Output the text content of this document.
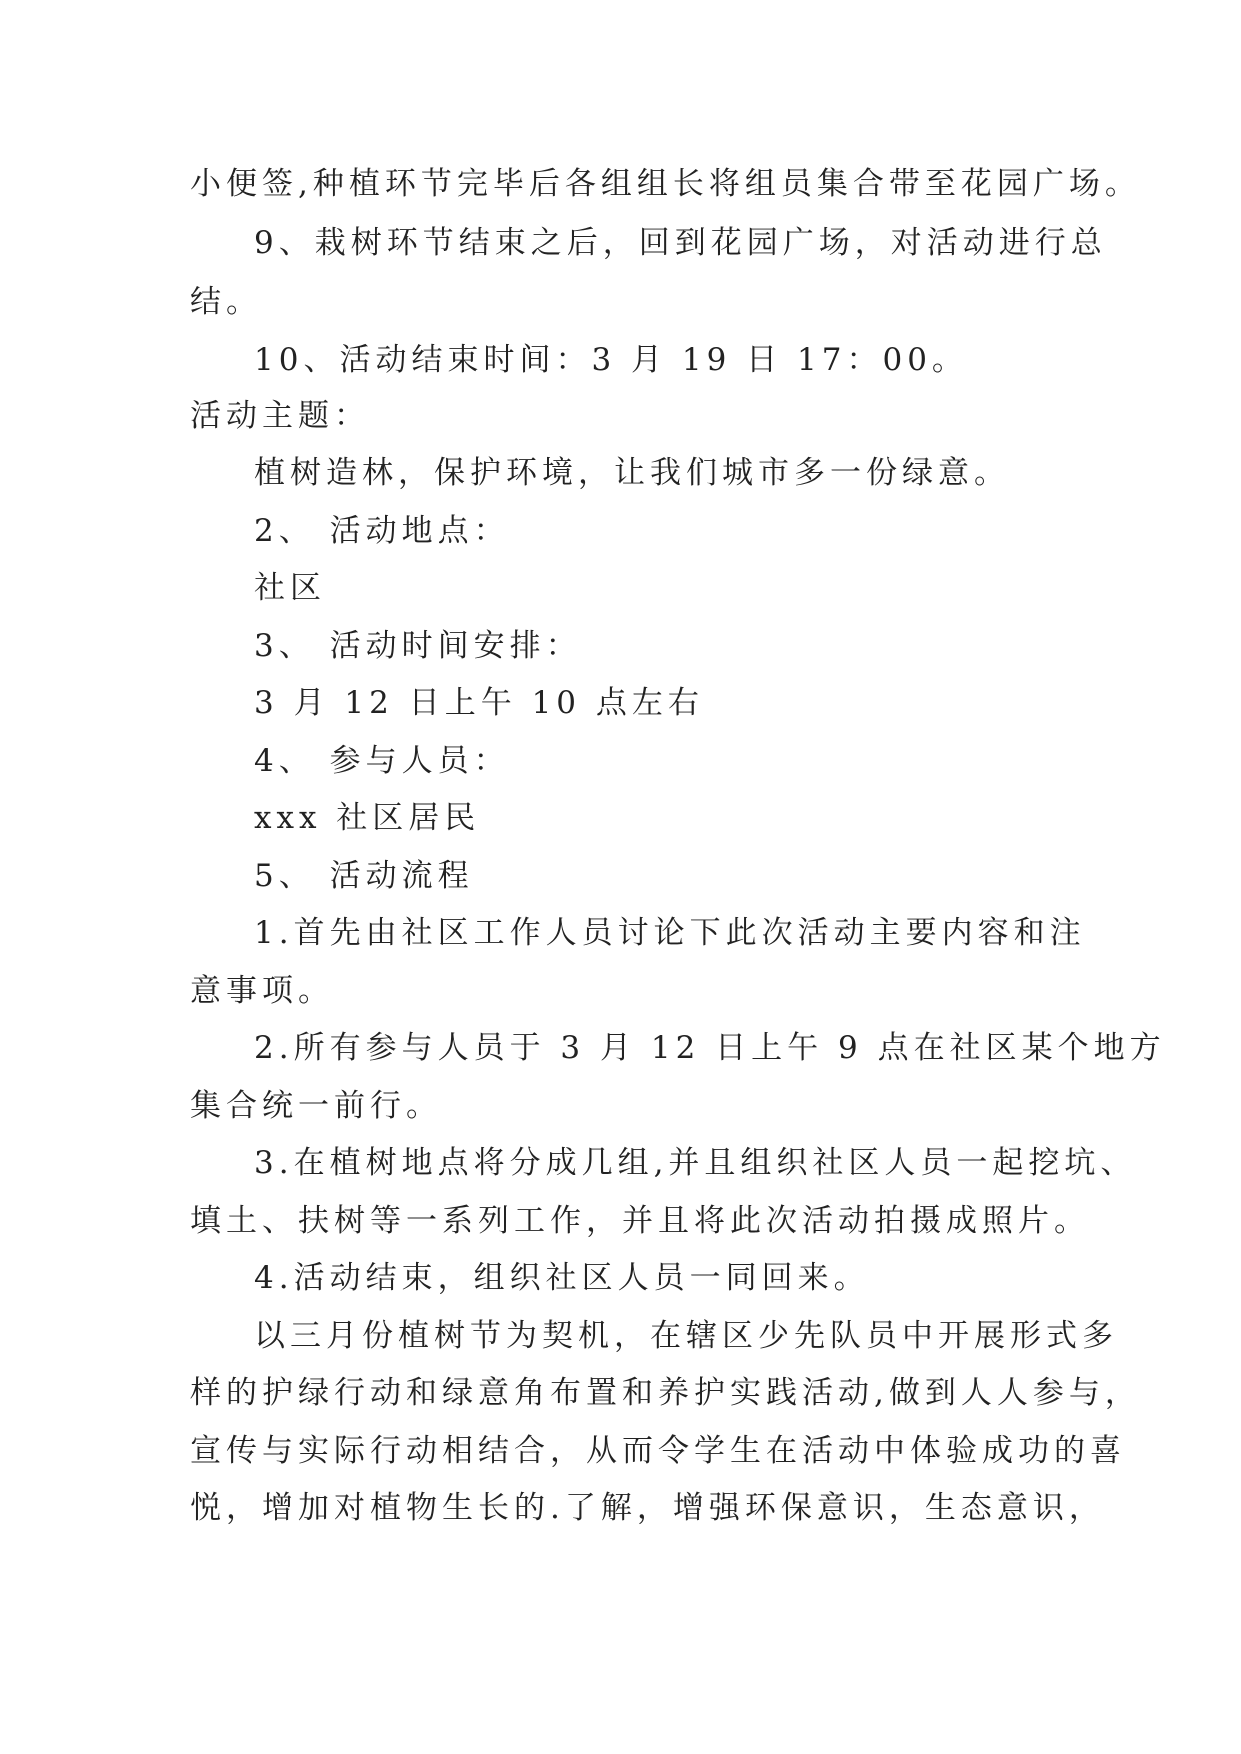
小便签,种植环节完毕后各组组长将组员集合带至花园广场。
9、栽树环节结束之后，回到花园广场，对活动进行总
结。
10、活动结束时间：3 月 19 日 17：00。
活动主题：
植树造林，保护环境，让我们城市多一份绿意。
2、 活动地点：
社区
3、 活动时间安排：
3 月 12 日上午 10 点左右
4、 参与人员：
xxx 社区居民
5、 活动流程
1.首先由社区工作人员讨论下此次活动主要内容和注
意事项。
2.所有参与人员于 3 月 12 日上午 9 点在社区某个地方
集合统一前行。
3.在植树地点将分成几组,并且组织社区人员一起挖坑、
填土、扶树等一系列工作，并且将此次活动拍摄成照片。
4.活动结束，组织社区人员一同回来。
以三月份植树节为契机，在辖区少先队员中开展形式多
样的护绿行动和绿意角布置和养护实践活动,做到人人参与，
宣传与实际行动相结合，从而令学生在活动中体验成功的喜
悦，增加对植物生长的.了解，增强环保意识，生态意识，
